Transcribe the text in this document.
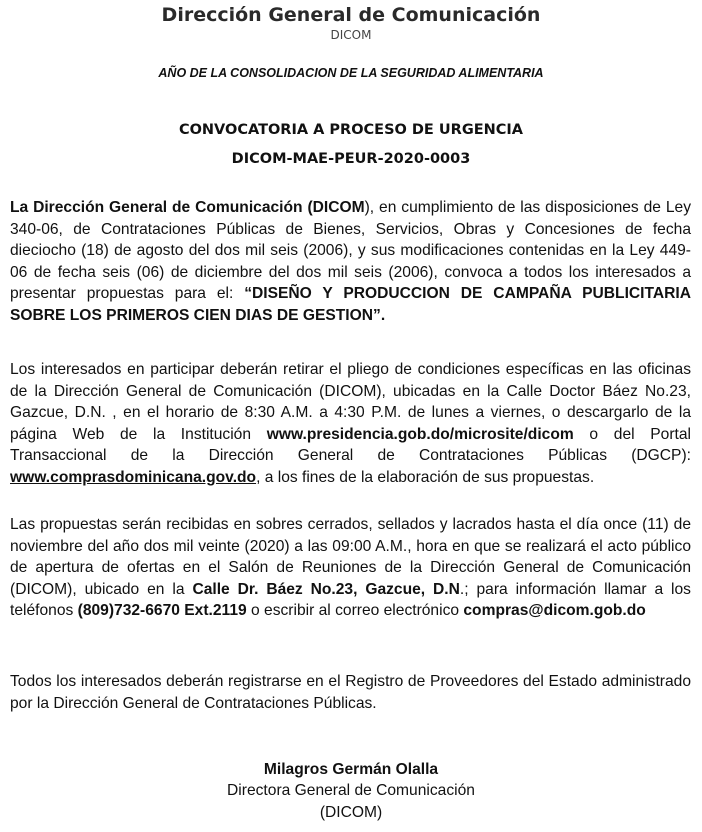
Dirección General de Comunicación
DICOM
AÑO DE LA CONSOLIDACION DE LA SEGURIDAD ALIMENTARIA
CONVOCATORIA A PROCESO DE URGENCIA
DICOM-MAE-PEUR-2020-0003

La Dirección General de Comunicación (DICOM), en cumplimiento de las disposiciones de Ley 340-06, de Contrataciones Públicas de Bienes, Servicios, Obras y Concesiones de fecha dieciocho (18) de agosto del dos mil seis (2006), y sus modificaciones contenidas en la Ley 449-06 de fecha seis (06) de diciembre del dos mil seis (2006), convoca a todos los interesados a presentar propuestas para el: “DISEÑO Y PRODUCCION DE CAMPAÑA PUBLICITARIA SOBRE LOS PRIMEROS CIEN DIAS DE GESTION”.

Los interesados en participar deberán retirar el pliego de condiciones específicas en las oficinas de la Dirección General de Comunicación (DICOM), ubicadas en la Calle Doctor Báez No.23, Gazcue, D.N. , en el horario de 8:30 A.M. a 4:30 P.M. de lunes a viernes, o descargarlo de la página Web de la Institución www.presidencia.gob.do/micrositе/dicom o del Portal Transaccional de la Dirección General de Contrataciones Públicas (DGCP): www.comprasdominicana.gov.do, a los fines de la elaboración de sus propuestas.

Las propuestas serán recibidas en sobres cerrados, sellados y lacrados hasta el día once (11) de noviembre del año dos mil veinte (2020) a las 09:00 A.M., hora en que se realizará el acto público de apertura de ofertas en el Salón de Reuniones de la Dirección General de Comunicación (DICOM), ubicado en la Calle Dr. Báez No.23, Gazcue, D.N.; para información llamar a los teléfonos (809)732-6670 Ext.2119 o escribir al correo electrónico compras@dicom.gob.do

Todos los interesados deberán registrarse en el Registro de Proveedores del Estado administrado por la Dirección General de Contrataciones Públicas.

Milagros Germán Olalla
Directora General de Comunicación
(DICOM)
